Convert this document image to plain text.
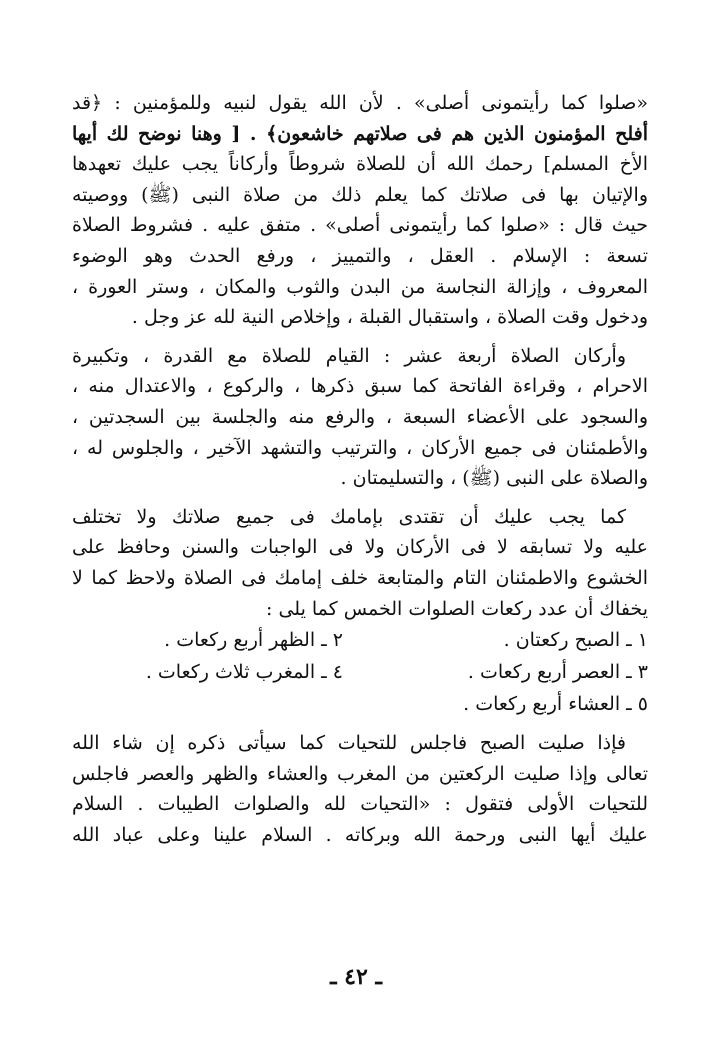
«صلوا كما رأيتمونى أصلى» . لأن الله يقول لنبيه وللمؤمنين : ﴿قد
أفلح المؤمنون الذين هم فى صلاتهم خاشعون﴾ . [ وهنا نوضح لك أيها
الأخ المسلم] رحمك الله أن للصلاة شروطاً وأركاناً يجب عليك تعهدها
والإتيان بها فى صلاتك كما يعلم ذلك من صلاة النبى (ﷺ) ووصيته
حيث قال : «صلوا كما رأيتمونى أصلى» . متفق عليه . فشروط الصلاة
تسعة : الإسلام . العقل ، والتمييز ، ورفع الحدث وهو الوضوء
المعروف ، وإزالة النجاسة من البدن والثوب والمكان ، وستر العورة ،
ودخول وقت الصلاة ، واستقبال القبلة ، وإخلاص النية لله عز وجل .
وأركان الصلاة أربعة عشر : القيام للصلاة مع القدرة ، وتكبيرة
الاحرام ، وقراءة الفاتحة كما سبق ذكرها ، والركوع ، والاعتدال منه ،
والسجود على الأعضاء السبعة ، والرفع منه والجلسة بين السجدتين ،
والأطمئنان فى جميع الأركان ، والترتيب والتشهد الآخير ، والجلوس له ،
والصلاة على النبى (ﷺ) ، والتسليمتان .
كما يجب عليك أن تقتدى بإمامك فى جميع صلاتك ولا تختلف
عليه ولا تسابقه لا فى الأركان ولا فى الواجبات والسنن وحافظ على
الخشوع والاطمئنان التام والمتابعة خلف إمامك فى الصلاة ولاحظ كما لا
يخفاك أن عدد ركعات الصلوات الخمس كما يلى :
١ ـ الصبح ركعتان .
٢ ـ الظهر أربع ركعات .
٣ ـ العصر أربع ركعات .
٤ ـ المغرب ثلاث ركعات .
٥ ـ العشاء أربع ركعات .
فإذا صليت الصبح فاجلس للتحيات كما سيأتى ذكره إن شاء الله
تعالى وإذا صليت الركعتين من المغرب والعشاء والظهر والعصر فاجلس
للتحيات الأولى فتقول : «التحيات لله والصلوات الطيبات . السلام
عليك أيها النبى ورحمة الله وبركاته . السلام علينا وعلى عباد الله
ـ ٤٢ ـ
